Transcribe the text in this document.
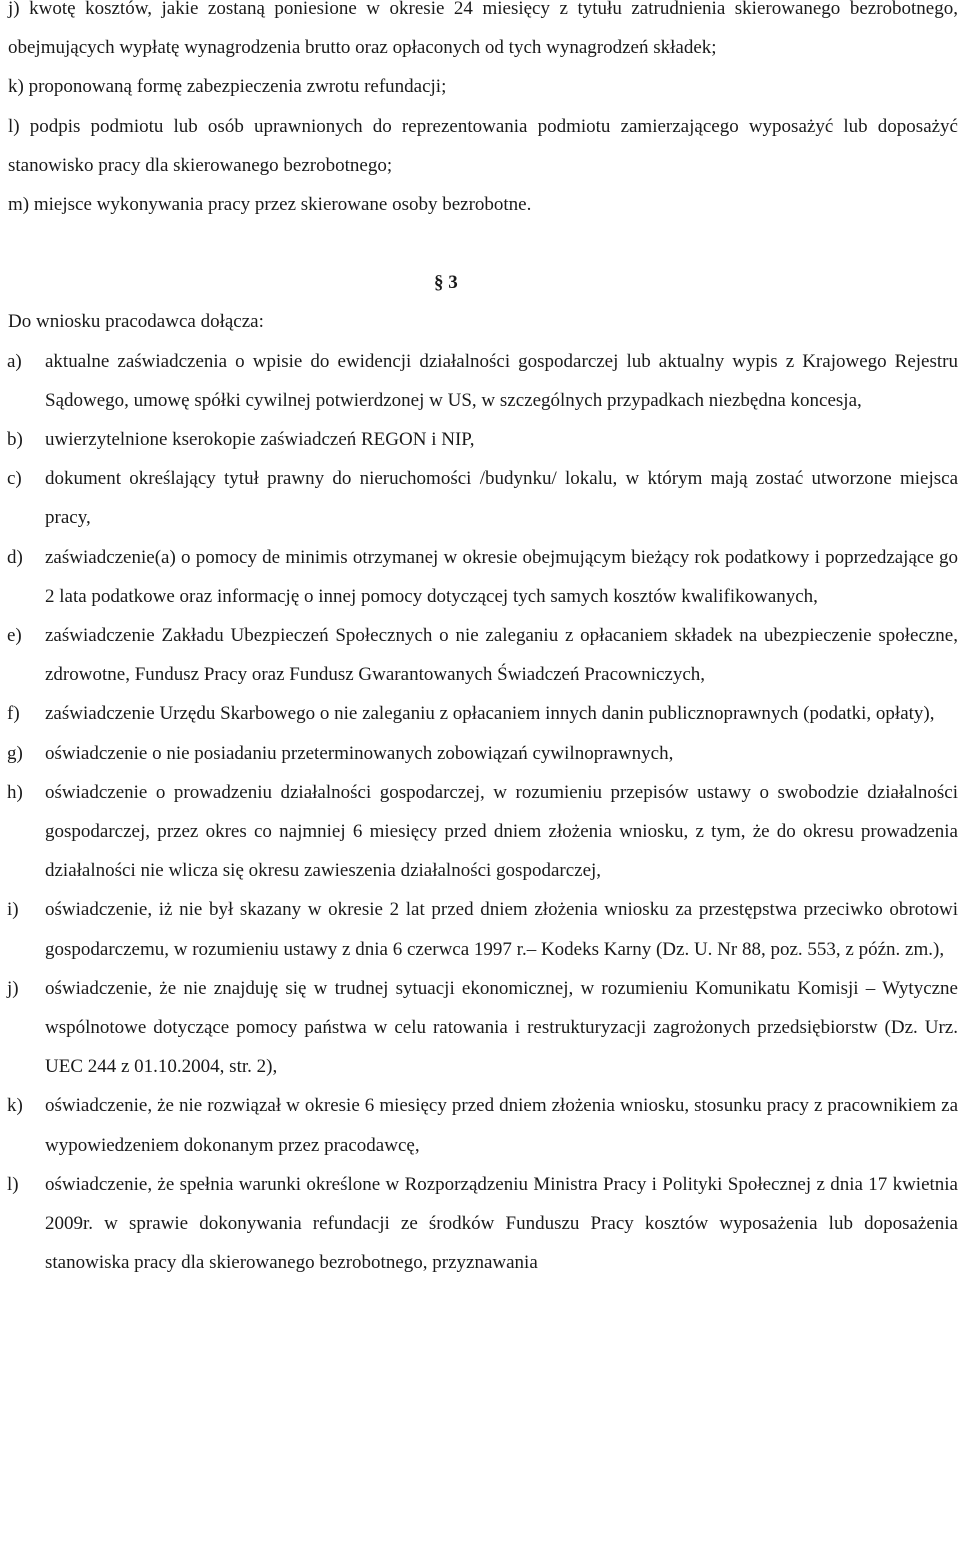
j) kwotę kosztów, jakie zostaną poniesione w okresie 24 miesięcy z tytułu zatrudnienia skierowanego bezrobotnego, obejmujących wypłatę wynagrodzenia brutto oraz opłaconych od tych wynagrodzeń składek;

k) proponowaną formę zabezpieczenia zwrotu refundacji;

l) podpis podmiotu lub osób uprawnionych do reprezentowania podmiotu zamierzającego wyposażyć lub doposażyć stanowisko pracy dla skierowanego bezrobotnego;

m) miejsce wykonywania pracy przez skierowane osoby bezrobotne.

§ 3

Do wniosku pracodawca dołącza:

a) aktualne zaświadczenia o wpisie do ewidencji działalności gospodarczej lub aktualny wypis z Krajowego Rejestru Sądowego, umowę spółki cywilnej potwierdzonej w US, w szczególnych przypadkach niezbędna koncesja,
b) uwierzytelnione kserokopie zaświadczeń REGON i NIP,
c) dokument określający tytuł prawny do nieruchomości /budynku/ lokalu, w którym mają zostać utworzone miejsca pracy,
d) zaświadczenie(a) o pomocy de minimis otrzymanej w okresie obejmującym bieżący rok podatkowy i poprzedzające go 2 lata podatkowe oraz informację o innej pomocy dotyczącej tych samych kosztów kwalifikowanych,
e) zaświadczenie Zakładu Ubezpieczeń Społecznych o nie zaleganiu z opłacaniem składek na ubezpieczenie społeczne, zdrowotne, Fundusz Pracy oraz Fundusz Gwarantowanych Świadczeń Pracowniczych,
f) zaświadczenie Urzędu Skarbowego o nie zaleganiu z opłacaniem innych danin publicznoprawnych (podatki, opłaty),
g) oświadczenie o nie posiadaniu przeterminowanych zobowiązań cywilnoprawnych,
h) oświadczenie o prowadzeniu działalności gospodarczej, w rozumieniu przepisów ustawy o swobodzie działalności gospodarczej, przez okres co najmniej 6 miesięcy przed dniem złożenia wniosku, z tym, że do okresu prowadzenia działalności nie wlicza się okresu zawieszenia działalności gospodarczej,
i) oświadczenie, iż nie był skazany w okresie 2 lat przed dniem złożenia wniosku za przestępstwa przeciwko obrotowi gospodarczemu, w rozumieniu ustawy z dnia 6 czerwca 1997 r.– Kodeks Karny (Dz. U. Nr 88, poz. 553, z późn. zm.),
j) oświadczenie, że nie znajduję się w trudnej sytuacji ekonomicznej, w rozumieniu Komunikatu Komisji – Wytyczne wspólnotowe dotyczące pomocy państwa w celu ratowania i restrukturyzacji zagrożonych przedsiębiorstw (Dz. Urz. UEC 244 z 01.10.2004, str. 2),
k) oświadczenie, że nie rozwiązał w okresie 6 miesięcy przed dniem złożenia wniosku, stosunku pracy z pracownikiem za wypowiedzeniem dokonanym przez pracodawcę,
l) oświadczenie, że spełnia warunki określone w Rozporządzeniu Ministra Pracy i Polityki Społecznej z dnia 17 kwietnia 2009r. w sprawie dokonywania refundacji ze środków Funduszu Pracy kosztów wyposażenia lub doposażenia stanowiska pracy dla skierowanego bezrobotnego, przyznawania
